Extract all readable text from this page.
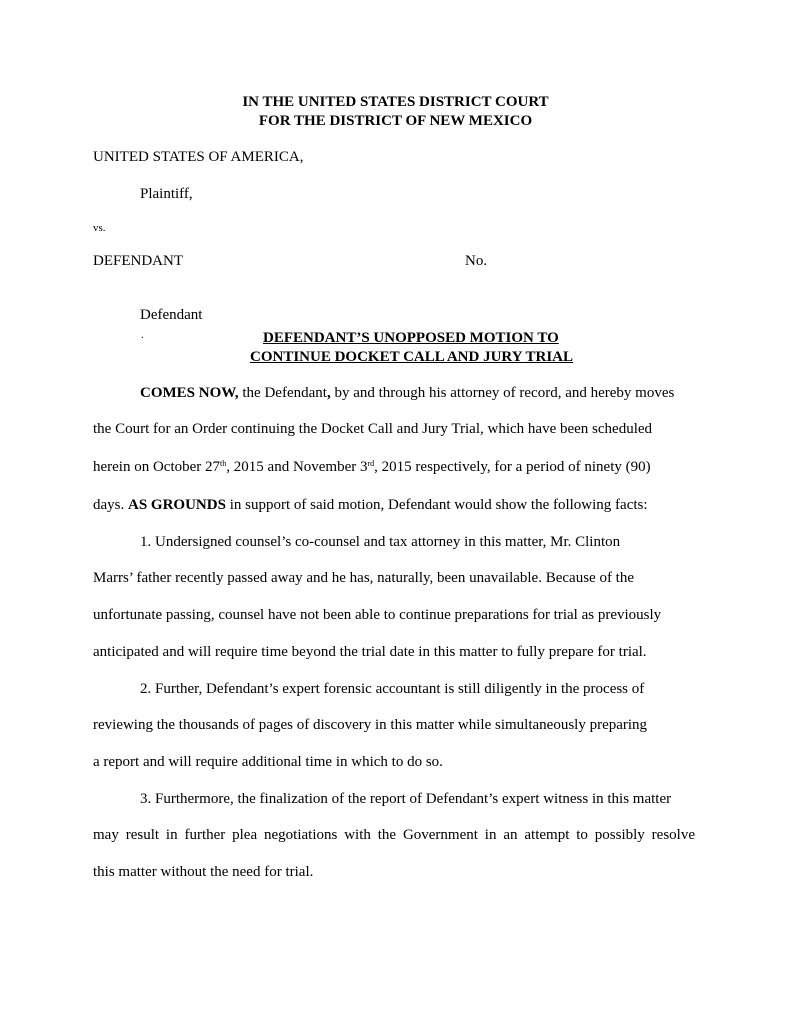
IN THE UNITED STATES DISTRICT COURT
FOR THE DISTRICT OF NEW MEXICO
UNITED STATES OF AMERICA,
Plaintiff,
vs.
DEFENDANT	No.
Defendant
.	DEFENDANT’S UNOPPOSED MOTION TO
CONTINUE DOCKET CALL AND JURY TRIAL
COMES NOW, the Defendant, by and through his attorney of record, and hereby moves
the Court for an Order continuing the Docket Call and Jury Trial, which have been scheduled
herein on October 27th, 2015 and November 3rd, 2015 respectively, for a period of ninety (90)
days. AS GROUNDS in support of said motion, Defendant would show the following facts:
1. Undersigned counsel’s co-counsel and tax attorney in this matter, Mr. Clinton
Marrs’ father recently passed away and he has, naturally, been unavailable. Because of the
unfortunate passing, counsel have not been able to continue preparations for trial as previously
anticipated and will require time beyond the trial date in this matter to fully prepare for trial.
2. Further, Defendant’s expert forensic accountant is still diligently in the process of
reviewing the thousands of pages of discovery in this matter while simultaneously preparing
a report and will require additional time in which to do so.
3. Furthermore, the finalization of the report of Defendant’s expert witness in this matter
may result in further plea negotiations with the Government in an attempt to possibly resolve
this matter without the need for trial.
